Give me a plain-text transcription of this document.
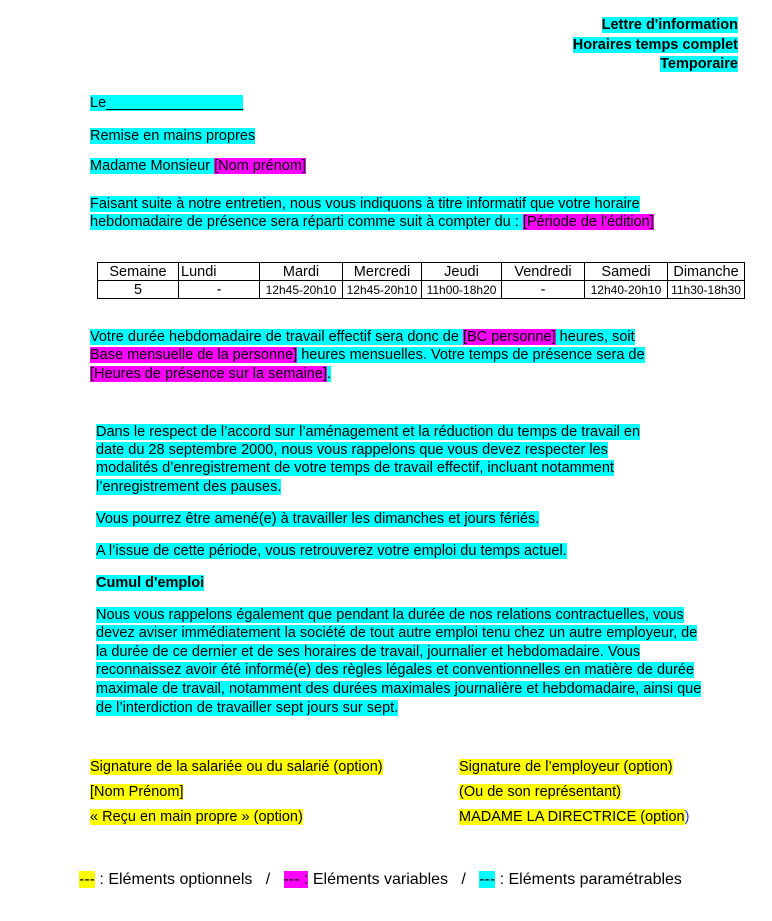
Lettre d'information
Horaires temps complet
Temporaire
Le_________________
Remise en mains propres
Madame Monsieur [Nom prénom]
Faisant suite à notre entretien, nous vous indiquons à titre informatif que votre horaire
hebdomadaire de présence sera réparti comme suit à compter du : [Période de l'édition]
Semaine	Lundi	Mardi	Mercredi	Jeudi	Vendredi	Samedi	Dimanche
5	-	12h45-20h10	12h45-20h10	11h00-18h20	-	12h40-20h10	11h30-18h30
Votre durée hebdomadaire de travail effectif sera donc de [BC personne] heures, soit
Base mensuelle de la personne] heures mensuelles. Votre temps de présence sera de
[Heures de présence sur la semaine].
Dans le respect de l’accord sur l’aménagement et la réduction du temps de travail en
date du 28 septembre 2000, nous vous rappelons que vous devez respecter les
modalités d’enregistrement de votre temps de travail effectif, incluant notamment
l’enregistrement des pauses.
Vous pourrez être amené(e) à travailler les dimanches et jours fériés.
A l’issue de cette période, vous retrouverez votre emploi du temps actuel.
Cumul d'emploi
Nous vous rappelons également que pendant la durée de nos relations contractuelles, vous
devez aviser immédiatement la société de tout autre emploi tenu chez un autre employeur, de
la durée de ce dernier et de ses horaires de travail, journalier et hebdomadaire. Vous
reconnaissez avoir été informé(e) des règles légales et conventionnelles en matière de durée
maximale de travail, notamment des durées maximales journalière et hebdomadaire, ainsi que
de l’interdiction de travailler sept jours sur sept.
Signature de la salariée ou du salarié (option)
[Nom Prénom]
« Reçu en main propre » (option)
Signature de l’employeur (option)
(Ou de son représentant)
MADAME LA DIRECTRICE (option)
--- : Eléments optionnels / --- : Eléments variables / --- : Eléments paramétrables
